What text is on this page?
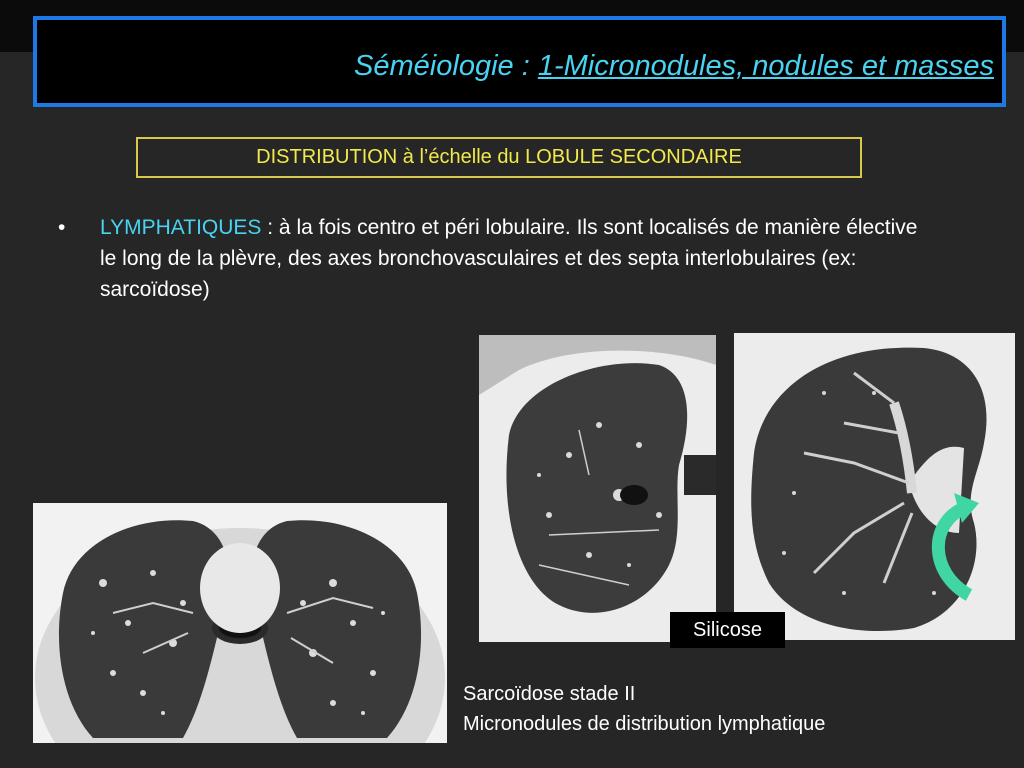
Séméiologie : 1-Micronodules, nodules et masses
DISTRIBUTION à l’échelle du LOBULE SECONDAIRE
• LYMPHATIQUES : à la fois centro et péri lobulaire. Ils sont localisés de manière élective le long de la plèvre, des axes bronchovasculaires et des septa interlobulaires (ex: sarcoïdose)
Silicose
Sarcoïdose stade II
Micronodules de distribution lymphatique
